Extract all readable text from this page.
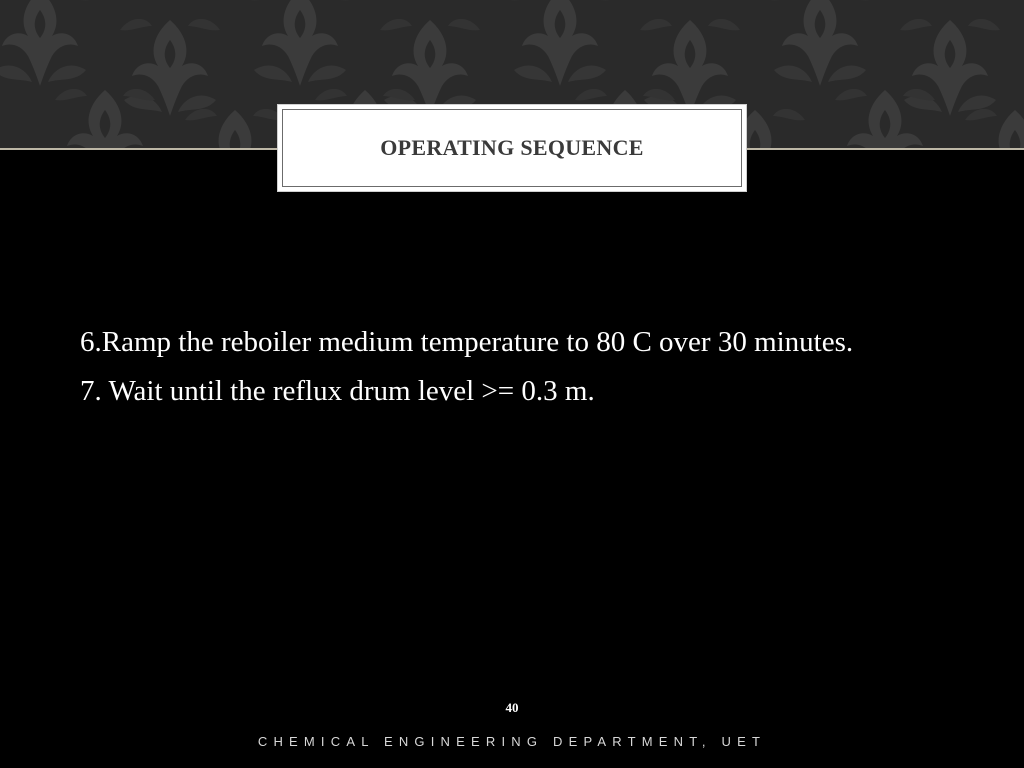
OPERATING SEQUENCE

6.Ramp the reboiler medium temperature to 80 C over 30 minutes.

7. Wait until the reflux drum level >= 0.3 m.

40
CHEMICAL ENGINEERING DEPARTMENT, UET
